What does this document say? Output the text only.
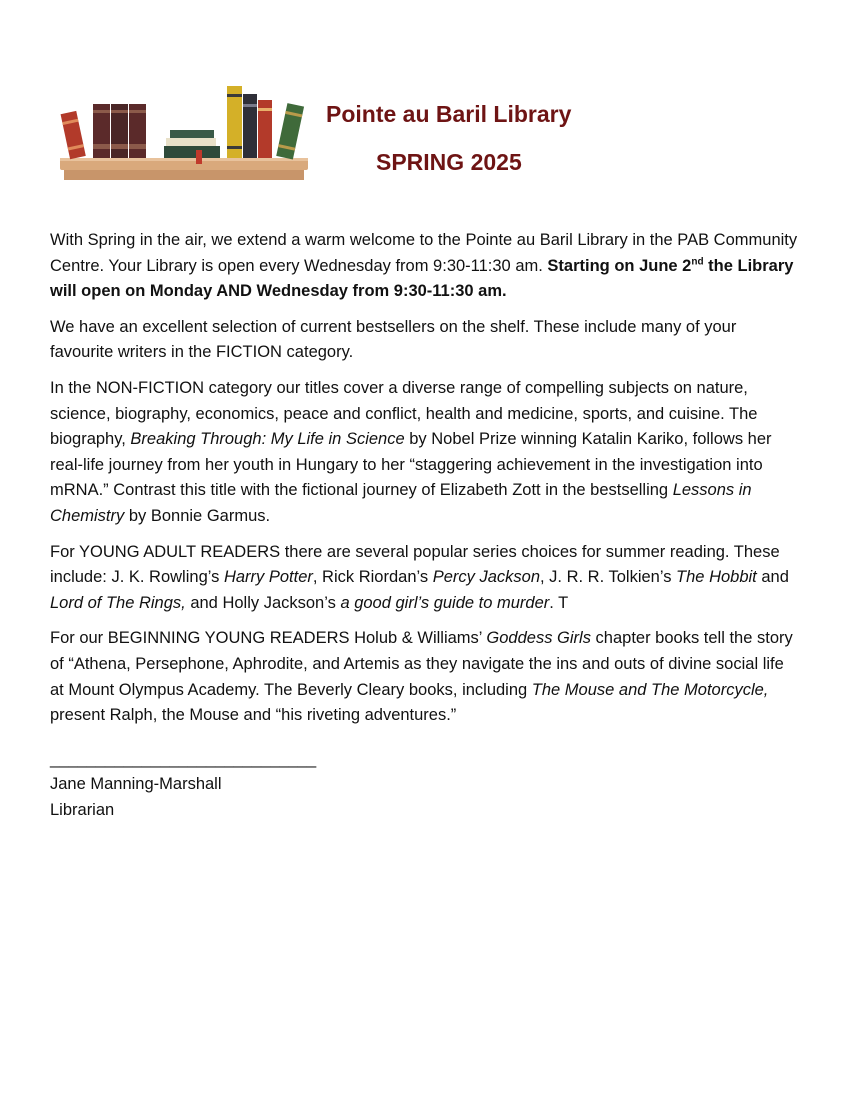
Pointe au Baril Library
SPRING 2025

With Spring in the air, we extend a warm welcome to the Pointe au Baril Library in the PAB Community Centre. Your Library is open every Wednesday from 9:30-11:30 am. Starting on June 2nd the Library will open on Monday AND Wednesday from 9:30-11:30 am.

We have an excellent selection of current bestsellers on the shelf. These include many of your favourite writers in the FICTION category.

In the NON-FICTION category our titles cover a diverse range of compelling subjects on nature, science, biography, economics, peace and conflict, health and medicine, sports, and cuisine. The biography, Breaking Through: My Life in Science by Nobel Prize winning Katalin Kariko, follows her real-life journey from her youth in Hungary to her “staggering achievement in the investigation into mRNA.” Contrast this title with the fictional journey of Elizabeth Zott in the bestselling Lessons in Chemistry by Bonnie Garmus.

For YOUNG ADULT READERS there are several popular series choices for summer reading. These include: J. K. Rowling’s Harry Potter, Rick Riordan’s Percy Jackson, J. R. R. Tolkien’s The Hobbit and Lord of The Rings, and Holly Jackson’s a good girl’s guide to murder. T

For our BEGINNING YOUNG READERS Holub & Williams’ Goddess Girls chapter books tell the story of “Athena, Persephone, Aphrodite, and Artemis as they navigate the ins and outs of divine social life at Mount Olympus Academy. The Beverly Cleary books, including The Mouse and The Motorcycle, present Ralph, the Mouse and “his riveting adventures.”

_____________________________
Jane Manning-Marshall
Librarian
